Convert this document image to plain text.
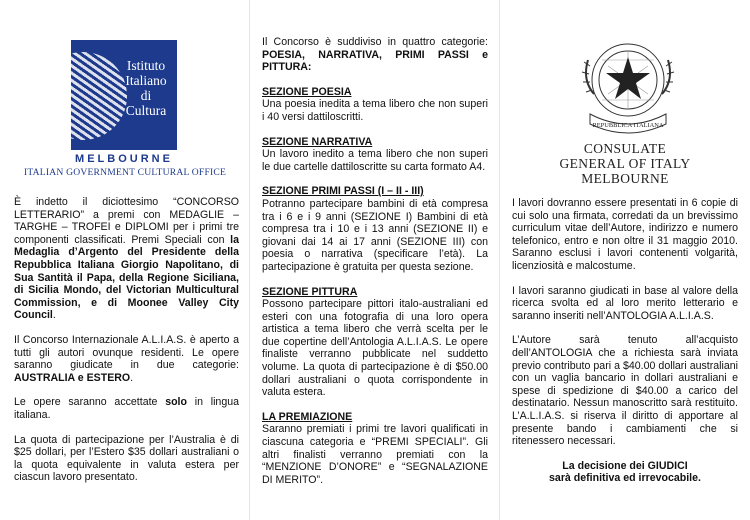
Istituto
Italiano
di
Cultura
MELBOURNE
ITALIAN GOVERNMENT CULTURAL OFFICE

È indetto il diciottesimo “CONCORSO LETTERARIO” a premi con MEDAGLIE – TARGHE – TROFEI e DIPLOMI per i primi tre componenti classificati. Premi Speciali con la Medaglia d’Argento del Presidente della Repubblica Italiana Giorgio Napolitano, di Sua Santità il Papa, della Regione Siciliana, di Sicilia Mondo, del Victorian Multicultural Commission, e di Moonee Valley City Council.

Il Concorso Internazionale A.L.I.A.S. è aperto a tutti gli autori ovunque residenti. Le opere saranno giudicate in due categorie: AUSTRALIA e ESTERO.

Le opere saranno accettate solo in lingua italiana.

La quota di partecipazione per l’Australia è di $25 dollari, per l’Estero $35 dollari australiani o la quota equivalente in valuta estera per ciascun lavoro presentato.

Il Concorso è suddiviso in quattro categorie: POESIA, NARRATIVA, PRIMI PASSI e PITTURA:

SEZIONE POESIA

Una poesia inedita a tema libero che non superi i 40 versi dattiloscritti.

SEZIONE NARRATIVA

Un lavoro inedito a tema libero che non superi le due cartelle dattiloscritte su carta formato A4.

SEZIONE PRIMI PASSI (I – II - III)

Potranno partecipare bambini di età compresa tra i 6 e i 9 anni (SEZIONE I) Bambini di età compresa tra i 10 e i 13 anni (SEZIONE II) e giovani dai 14 ai 17 anni (SEZIONE III) con poesia o narrativa (specificare l’età). La partecipazione è gratuita per questa sezione.

SEZIONE PITTURA

Possono partecipare pittori italo-australiani ed esteri con una fotografia di una loro opera artistica a tema libero che verrà scelta per le due copertine dell’Antologia A.L.I.A.S. Le opere finaliste verranno pubblicate nel suddetto volume. La quota di partecipazione è di $50.00 dollari australiani o quota corrispondente in valuta estera.

LA PREMIAZIONE

Saranno premiati i primi tre lavori qualificati in ciascuna categoria e “PREMI SPECIALI”. Gli altri finalisti verranno premiati con la “MENZIONE D’ONORE” e “SEGNALAZIONE DI MERITO”.

REPUBBLICA ITALIANA
CONSULATE
GENERAL OF ITALY
MELBOURNE

I lavori dovranno essere presentati in 6 copie di cui solo una firmata, corredati da un brevissimo curriculum vitae dell’Autore, indirizzo e numero telefonico, entro e non oltre il 31 maggio 2010. Saranno esclusi i lavori contenenti volgarità, licenziosità e malcostume.

I lavori saranno giudicati in base al valore della ricerca svolta ed al loro merito letterario e saranno inseriti nell’ANTOLOGIA A.L.I.A.S.

L’Autore sarà tenuto all’acquisto dell’ANTOLOGIA che a richiesta sarà inviata previo contributo pari a $40.00 dollari australiani con un vaglia bancario in dollari australiani e spese di spedizione di $40.00 a carico del destinatario. Nessun manoscritto sarà restituito. L’A.L.I.A.S. si riserva il diritto di apportare al presente bando i cambiamenti che si ritenessero necessari.

La decisione dei GIUDICI
sarà definitiva ed irrevocabile.
